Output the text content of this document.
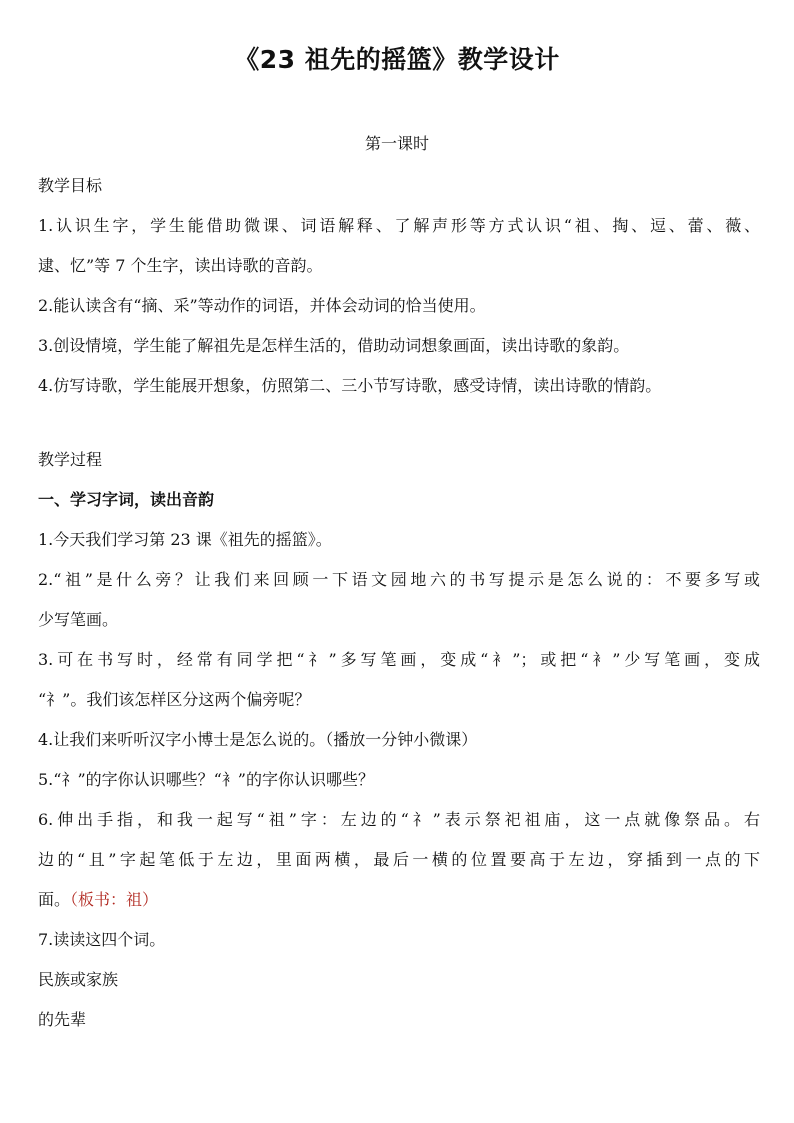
《23 祖先的摇篮》教学设计
第一课时
教学目标
1.认识生字，学生能借助微课、词语解释、了解声形等方式认识“祖、掏、逗、蕾、薇、
逮、忆”等 7 个生字，读出诗歌的音韵。
2.能认读含有“摘、采”等动作的词语，并体会动词的恰当使用。
3.创设情境，学生能了解祖先是怎样生活的，借助动词想象画面，读出诗歌的象韵。
4.仿写诗歌，学生能展开想象，仿照第二、三小节写诗歌，感受诗情，读出诗歌的情韵。
教学过程
一、学习字词，读出音韵
1.今天我们学习第 23 课《祖先的摇篮》。
2.“祖”是什么旁？让我们来回顾一下语文园地六的书写提示是怎么说的：不要多写或
少写笔画。
3.可在书写时，经常有同学把“礻”多写笔画，变成“衤”；或把“衤”少写笔画，变成
“礻”。我们该怎样区分这两个偏旁呢？
4.让我们来听听汉字小博士是怎么说的。（播放一分钟小微课）
5.“礻”的字你认识哪些？“衤”的字你认识哪些？
6.伸出手指，和我一起写“祖”字：左边的“礻”表示祭祀祖庙，这一点就像祭品。右
边的“且”字起笔低于左边，里面两横，最后一横的位置要高于左边，穿插到一点的下
面。（板书：祖）
7.读读这四个词。
民族或家族
的先辈
